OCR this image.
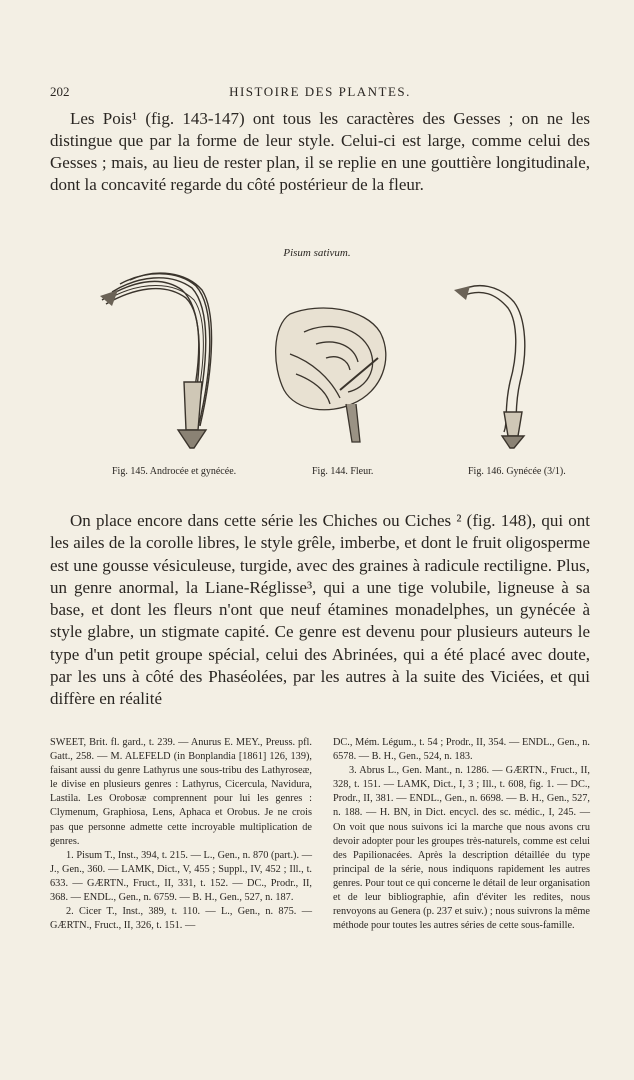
202	HISTOIRE DES PLANTES.

Les Pois¹ (fig. 143-147) ont tous les caractères des Gesses ; on ne les distingue que par la forme de leur style. Celui-ci est large, comme celui des Gesses ; mais, au lieu de rester plan, il se replie en une gouttière longitudinale, dont la concavité regarde du côté postérieur de la fleur.

Pisum sativum.
Fig. 145. Androcée et gynécée.	Fig. 144. Fleur.	Fig. 146. Gynécée (3/1).

On place encore dans cette série les Chiches ou Ciches ² (fig. 148), qui ont les ailes de la corolle libres, le style grêle, imberbe, et dont le fruit oligosperme est une gousse vésiculeuse, turgide, avec des graines à radicule rectiligne. Plus, un genre anormal, la Liane-Réglisse³, qui a une tige volubile, ligneuse à sa base, et dont les fleurs n'ont que neuf étamines monadelphes, un gynécée à style glabre, un stigmate capité. Ce genre est devenu pour plusieurs auteurs le type d'un petit groupe spécial, celui des Abrinées, qui a été placé avec doute, par les uns à côté des Phaséolées, par les autres à la suite des Viciées, et qui diffère en réalité

SWEET, Brit. fl. gard., t. 239. — Anurus E. MEY., Preuss. pfl. Gatt., 258. — M. ALEFELD (in Bonplandia [1861] 126, 139), faisant aussi du genre Lathyrus une sous-tribu des Lathyroseæ, le divise en plusieurs genres : Lathyrus, Cicercula, Navidura, Lastila. Les Orobosæ comprennent pour lui les genres : Clymenum, Graphiosa, Lens, Aphaca et Orobus. Je ne crois pas que personne admette cette incroyable multiplication de genres.

1. Pisum T., Inst., 394, t. 215. — L., Gen., n. 870 (part.). — J., Gen., 360. — LAMK, Dict., V, 455 ; Suppl., IV, 452 ; Ill., t. 633. — GÆRTN., Fruct., II, 331, t. 152. — DC., Prodr., II, 368. — ENDL., Gen., n. 6759. — B. H., Gen., 527, n. 187.

2. Cicer T., Inst., 389, t. 110. — L., Gen., n. 875. — GÆRTN., Fruct., II, 326, t. 151. —

DC., Mém. Légum., t. 54 ; Prodr., II, 354. — ENDL., Gen., n. 6578. — B. H., Gen., 524, n. 183.

3. Abrus L., Gen. Mant., n. 1286. — GÆRTN., Fruct., II, 328, t. 151. — LAMK, Dict., I, 3 ; Ill., t. 608, fig. 1. — DC., Prodr., II, 381. — ENDL., Gen., n. 6698. — B. H., Gen., 527, n. 188. — H. BN, in Dict. encycl. des sc. médic., I, 245. — On voit que nous suivons ici la marche que nous avons cru devoir adopter pour les groupes très-naturels, comme est celui des Papilionacées. Après la description détaillée du type principal de la série, nous indiquons rapidement les autres genres. Pour tout ce qui concerne le détail de leur organisation et de leur bibliographie, afin d'éviter les redites, nous renvoyons au Genera (p. 237 et suiv.) ; nous suivrons la même méthode pour toutes les autres séries de cette sous-famille.
